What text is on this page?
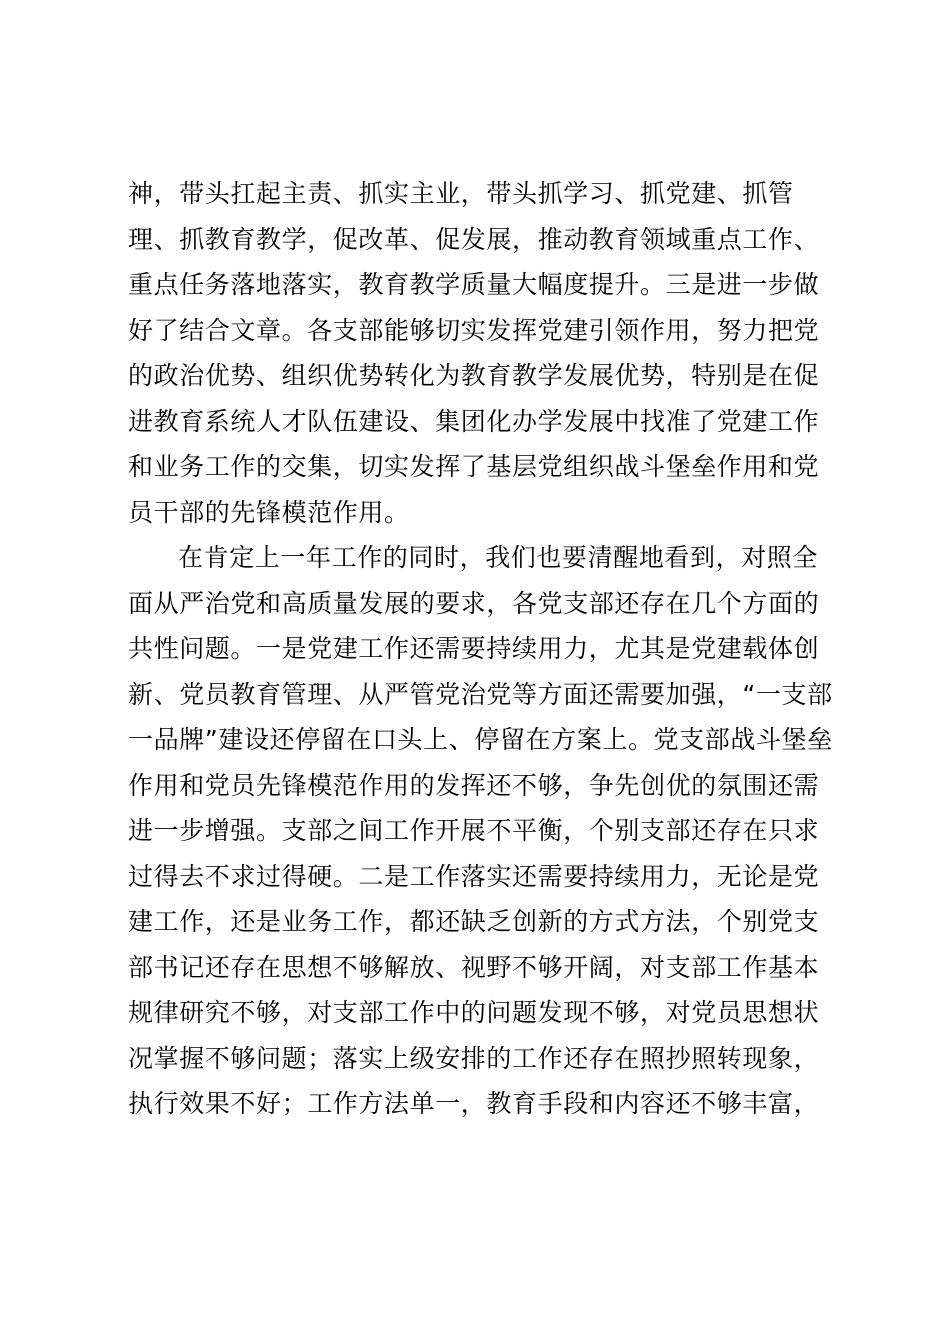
神，带头扛起主责、抓实主业，带头抓学习、抓党建、抓管
理、抓教育教学，促改革、促发展，推动教育领域重点工作、
重点任务落地落实，教育教学质量大幅度提升。三是进一步做
好了结合文章。各支部能够切实发挥党建引领作用，努力把党
的政治优势、组织优势转化为教育教学发展优势，特别是在促
进教育系统人才队伍建设、集团化办学发展中找准了党建工作
和业务工作的交集，切实发挥了基层党组织战斗堡垒作用和党
员干部的先锋模范作用。
在肯定上一年工作的同时，我们也要清醒地看到，对照全
面从严治党和高质量发展的要求，各党支部还存在几个方面的
共性问题。一是党建工作还需要持续用力，尤其是党建载体创
新、党员教育管理、从严管党治党等方面还需要加强，“一支部
一品牌”建设还停留在口头上、停留在方案上。党支部战斗堡垒
作用和党员先锋模范作用的发挥还不够，争先创优的氛围还需
进一步增强。支部之间工作开展不平衡，个别支部还存在只求
过得去不求过得硬。二是工作落实还需要持续用力，无论是党
建工作，还是业务工作，都还缺乏创新的方式方法，个别党支
部书记还存在思想不够解放、视野不够开阔，对支部工作基本
规律研究不够，对支部工作中的问题发现不够，对党员思想状
况掌握不够问题；落实上级安排的工作还存在照抄照转现象，
执行效果不好；工作方法单一，教育手段和内容还不够丰富，
